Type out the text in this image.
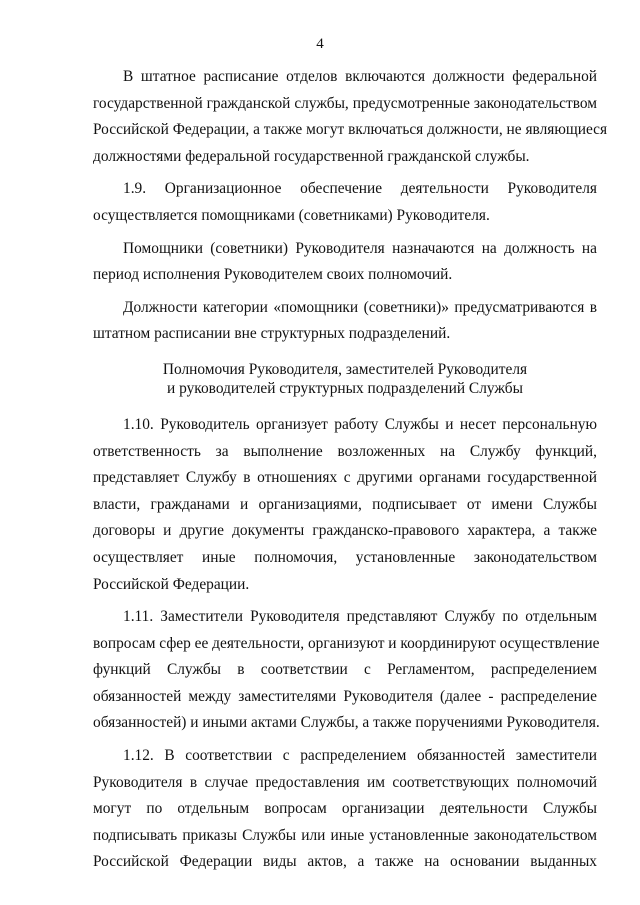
4
В штатное расписание отделов включаются должности федеральной
государственной гражданской службы, предусмотренные законодательством
Российской Федерации, а также могут включаться должности, не являющиеся
должностями федеральной государственной гражданской службы.
1.9. Организационное обеспечение деятельности Руководителя
осуществляется помощниками (советниками) Руководителя.
Помощники (советники) Руководителя назначаются на должность на
период исполнения Руководителем своих полномочий.
Должности категории «помощники (советники)» предусматриваются в
штатном расписании вне структурных подразделений.

Полномочия Руководителя, заместителей Руководителя

и руководителей структурных подразделений Службы

1.10. Руководитель организует работу Службы и несет персональную
ответственность за выполнение возложенных на Службу функций,
представляет Службу в отношениях с другими органами государственной
власти, гражданами и организациями, подписывает от имени Службы
договоры и другие документы гражданско-правового характера, а также
осуществляет иные полномочия, установленные законодательством
Российской Федерации.
1.11. Заместители Руководителя представляют Службу по отдельным
вопросам сфер ее деятельности, организуют и координируют осуществление
функций Службы в соответствии с Регламентом, распределением
обязанностей между заместителями Руководителя (далее - распределение
обязанностей) и иными актами Службы, а также поручениями Руководителя.
1.12. В соответствии с распределением обязанностей заместители
Руководителя в случае предоставления им соответствующих полномочий
могут по отдельным вопросам организации деятельности Службы
подписывать приказы Службы или иные установленные законодательством
Российской Федерации виды актов, а также на основании выданных
